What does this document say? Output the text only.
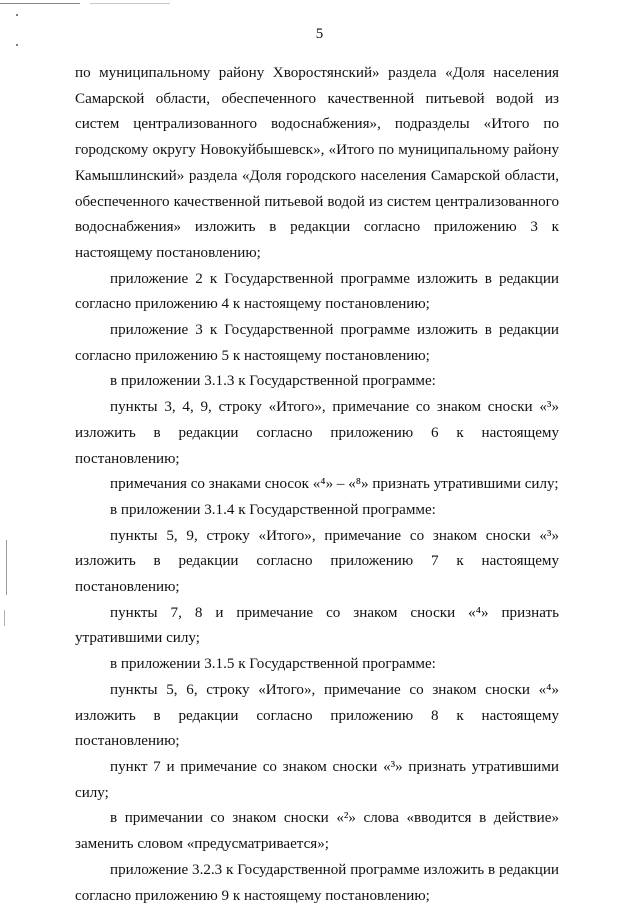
5

по муниципальному району Хворостянский» раздела «Доля населения Самарской области, обеспеченного качественной питьевой водой из систем централизованного водоснабжения», подразделы «Итого по городскому округу Новокуйбышевск», «Итого по муниципальному району Камышлинский» раздела «Доля городского населения Самарской области, обеспеченного качественной питьевой водой из систем централизованного водоснабжения» изложить в редакции согласно приложению 3 к настоящему постановлению;

приложение 2 к Государственной программе изложить в редакции согласно приложению 4 к настоящему постановлению;

приложение 3 к Государственной программе изложить в редакции согласно приложению 5 к настоящему постановлению;

в приложении 3.1.3 к Государственной программе:

пункты 3, 4, 9, строку «Итого», примечание со знаком сноски «³» изложить в редакции согласно приложению 6 к настоящему постановлению;

примечания со знаками сносок «⁴» – «⁸» признать утратившими силу;

в приложении 3.1.4 к Государственной программе:

пункты 5, 9, строку «Итого», примечание со знаком сноски «³» изложить в редакции согласно приложению 7 к настоящему постановлению;

пункты 7, 8 и примечание со знаком сноски «⁴» признать утратившими силу;

в приложении 3.1.5 к Государственной программе:

пункты 5, 6, строку «Итого», примечание со знаком сноски «⁴» изложить в редакции согласно приложению 8 к настоящему постановлению;

пункт 7 и примечание со знаком сноски «³» признать утратившими силу;

в примечании со знаком сноски «²» слова «вводится в действие» заменить словом «предусматривается»;

приложение 3.2.3 к Государственной программе изложить в редакции согласно приложению 9 к настоящему постановлению;
